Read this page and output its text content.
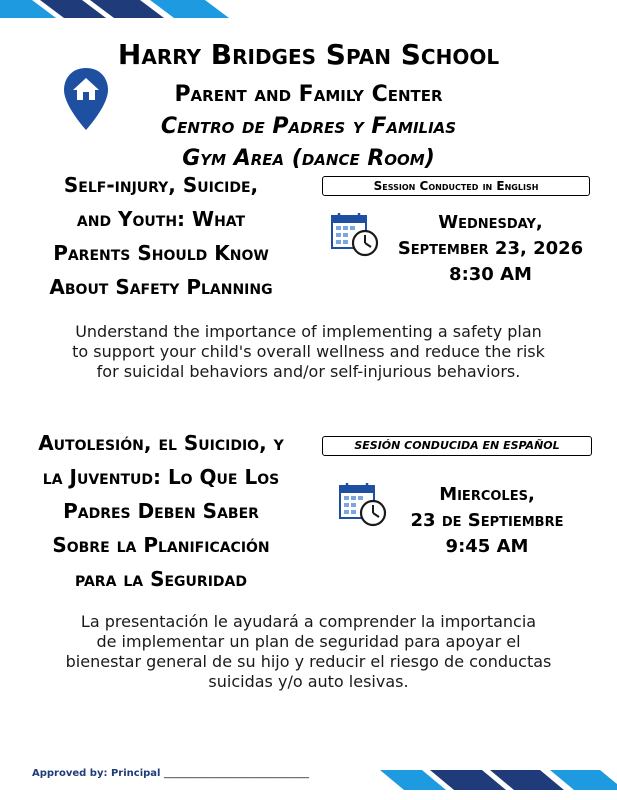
Harry Bridges Span School
Parent and Family Center
Centro de Padres y Familias
Gym Area (dance Room)
Self-injury, Suicide,
and Youth: What
Parents Should Know
About Safety Planning
Session Conducted in English
Wednesday,
September 23, 2026
8:30 AM
Understand the importance of implementing a safety plan
to support your child's overall wellness and reduce the risk
for suicidal behaviors and/or self-injurious behaviors.
Autolesión, el Suicidio, y
la Juventud: Lo Que Los
Padres Deben Saber
Sobre la Planificación
para la Seguridad
SESIÓN CONDUCIDA EN ESPAÑOL
Miercoles,
23 de Septiembre
9:45 AM
La presentación le ayudará a comprender la importancia
de implementar un plan de seguridad para apoyar el
bienestar general de su hijo y reducir el riesgo de conductas
suicidas y/o auto lesivas.
Approved by: Principal _____________________________
